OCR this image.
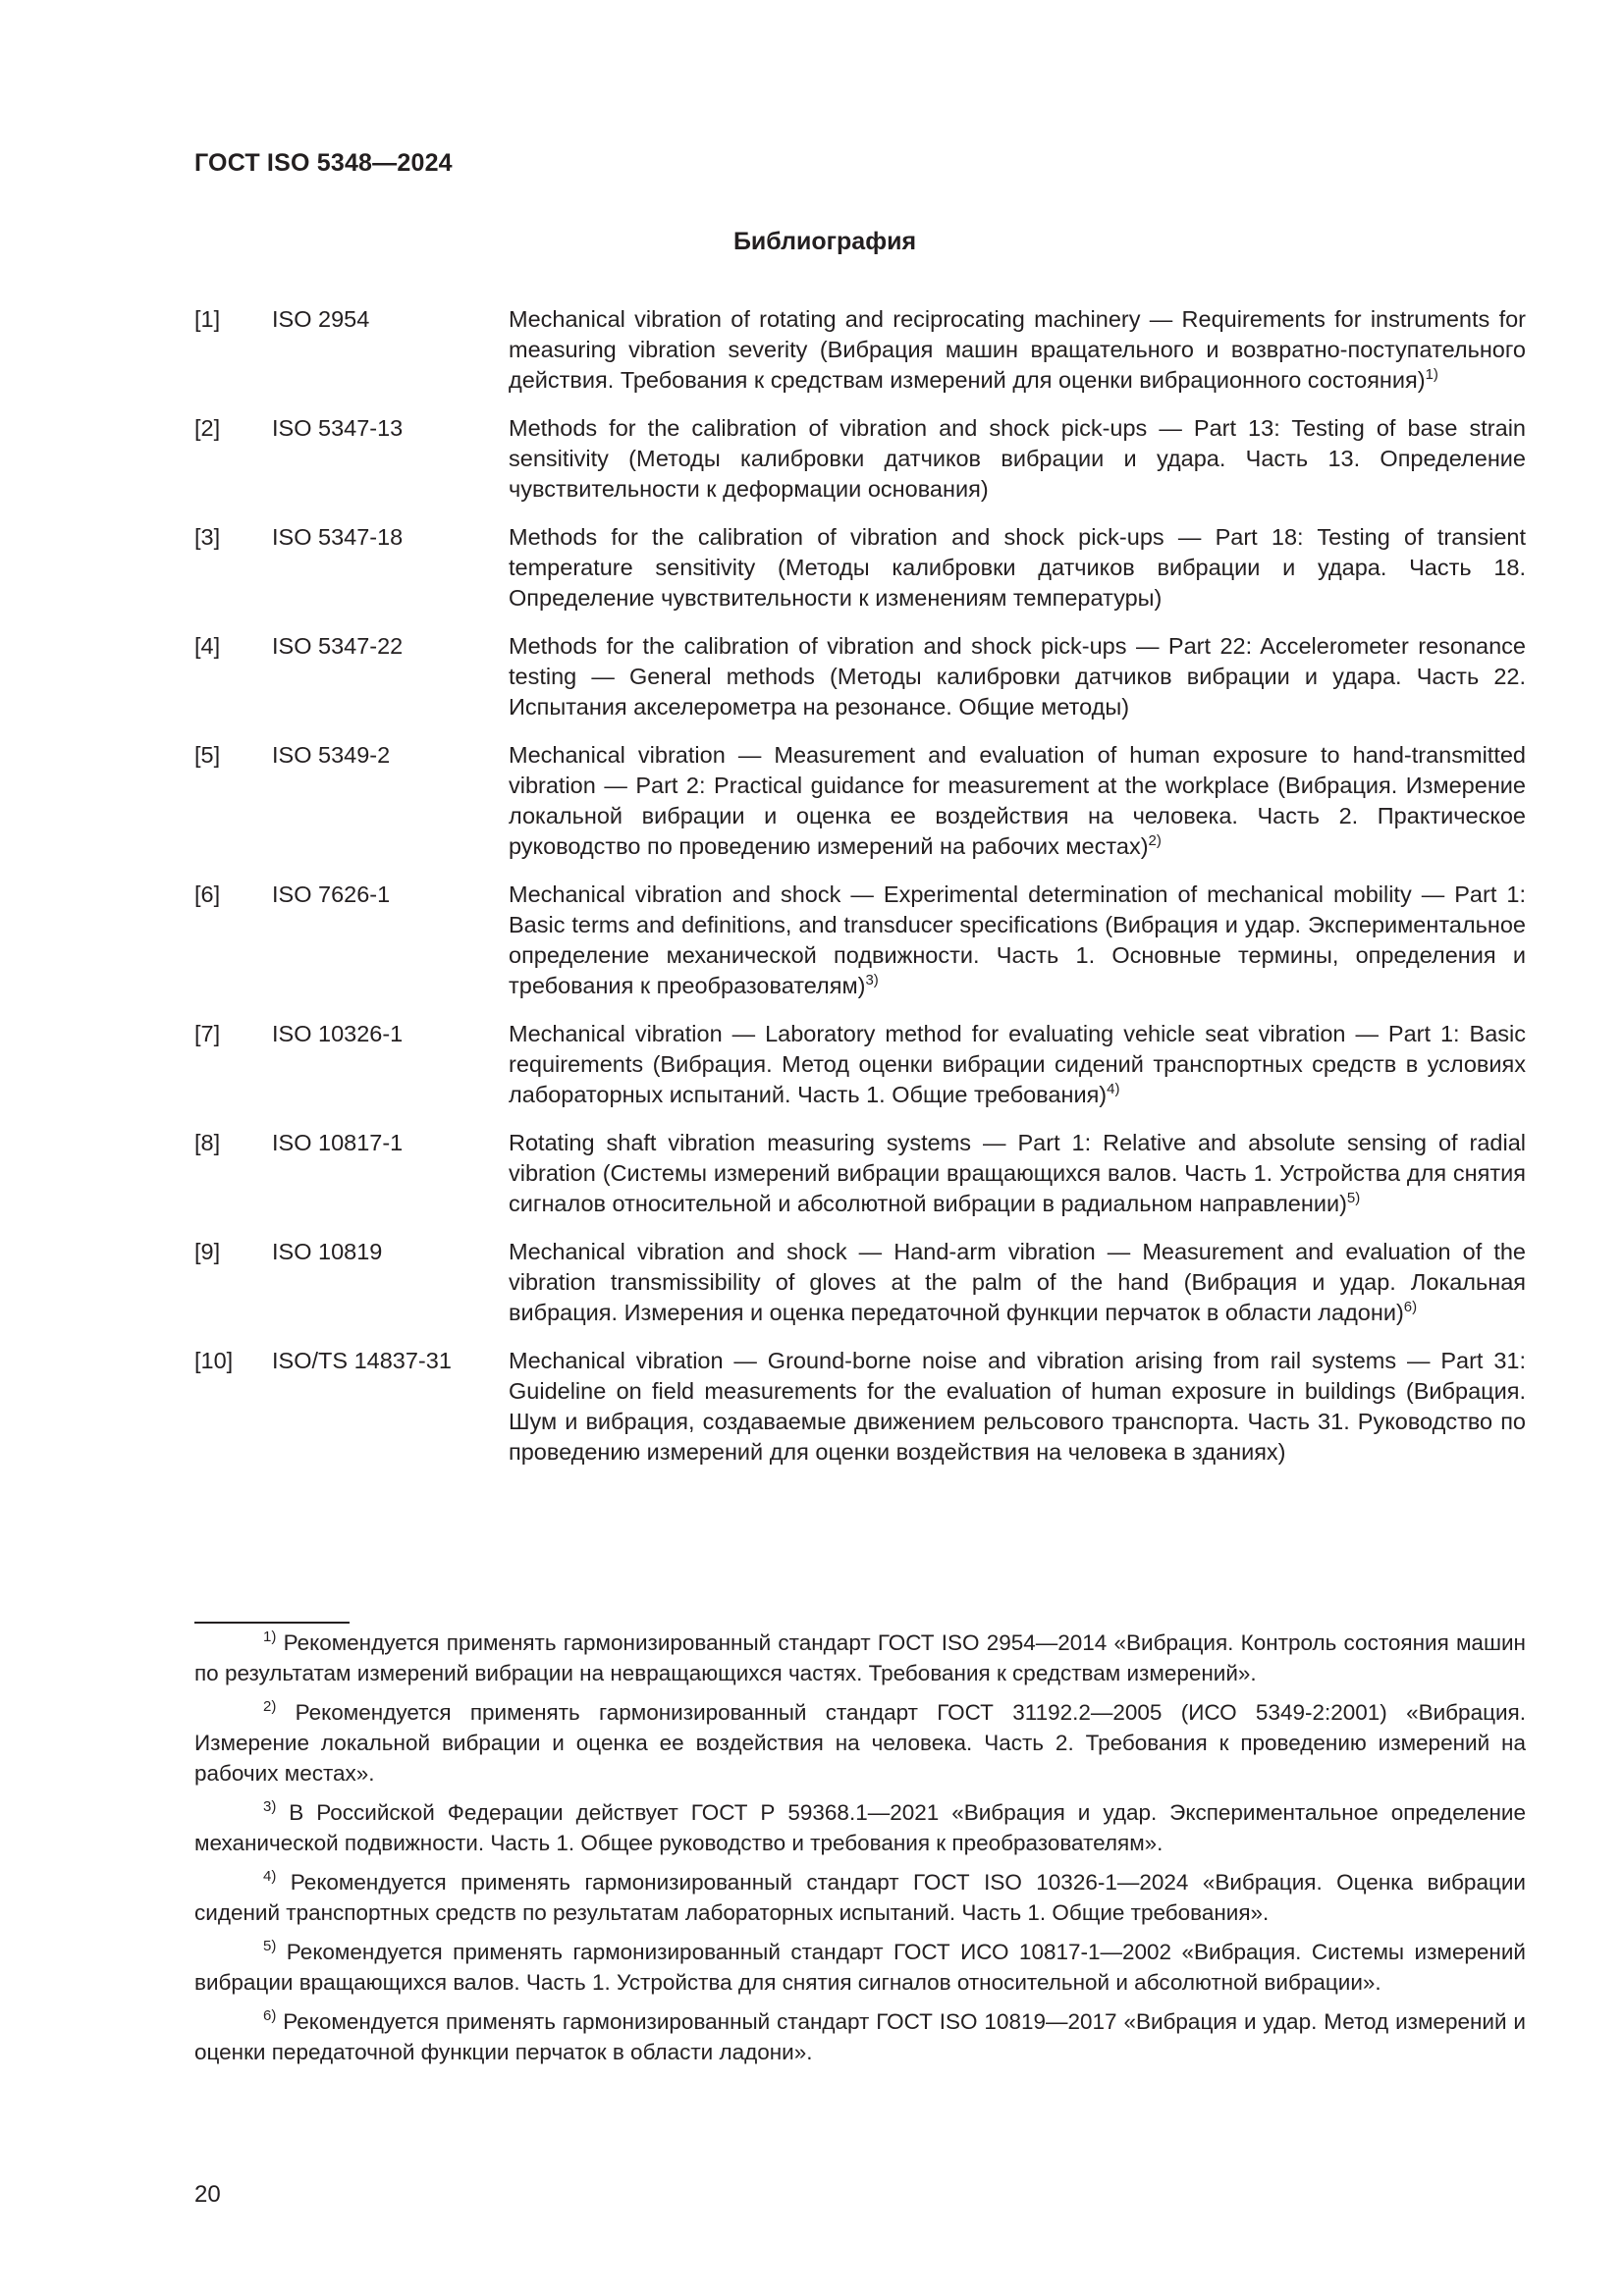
ГОСТ ISO 5348—2024
Библиография
[1] ISO 2954	Mechanical vibration of rotating and reciprocating machinery — Requirements for instruments for measuring vibration severity (Вибрация машин вращательного и возвратно-поступательного действия. Требования к средствам измерений для оценки вибрационного состояния)$^{1)}$
[2] ISO 5347-13	Methods for the calibration of vibration and shock pick-ups — Part 13: Testing of base strain sensitivity (Методы калибровки датчиков вибрации и удара. Часть 13. Определение чувствительности к деформации основания)
[3] ISO 5347-18	Methods for the calibration of vibration and shock pick-ups — Part 18: Testing of transient temperature sensitivity (Методы калибровки датчиков вибрации и удара. Часть 18. Определение чувствительности к изменениям температуры)
[4] ISO 5347-22	Methods for the calibration of vibration and shock pick-ups — Part 22: Accelerometer resonance testing — General methods (Методы калибровки датчиков вибрации и удара. Часть 22. Испытания акселерометра на резонансе. Общие методы)
[5] ISO 5349-2	Mechanical vibration — Measurement and evaluation of human exposure to hand-transmitted vibration — Part 2: Practical guidance for measurement at the workplace (Вибрация. Измерение локальной вибрации и оценка ее воздействия на человека. Часть 2. Практическое руководство по проведению измерений на рабочих местах)$^{2)}$
[6] ISO 7626-1	Mechanical vibration and shock — Experimental determination of mechanical mobility — Part 1: Basic terms and definitions, and transducer specifications (Вибрация и удар. Экспериментальное определение механической подвижности. Часть 1. Основные термины, определения и требования к преобразователям)$^{3)}$
[7] ISO 10326-1	Mechanical vibration — Laboratory method for evaluating vehicle seat vibration — Part 1: Basic requirements (Вибрация. Метод оценки вибрации сидений транспортных средств в условиях лабораторных испытаний. Часть 1. Общие требования)$^{4)}$
[8] ISO 10817-1	Rotating shaft vibration measuring systems — Part 1: Relative and absolute sensing of radial vibration (Системы измерений вибрации вращающихся валов. Часть 1. Устройства для снятия сигналов относительной и абсолютной вибрации в радиальном направлении)$^{5)}$
[9] ISO 10819	Mechanical vibration and shock — Hand-arm vibration — Measurement and evaluation of the vibration transmissibility of gloves at the palm of the hand (Вибрация и удар. Локальная вибрация. Измерения и оценка передаточной функции перчаток в области ладони)$^{6)}$
[10] ISO/TS 14837-31 Mechanical vibration — Ground-borne noise and vibration arising from rail systems — Part 31: Guideline on field measurements for the evaluation of human exposure in buildings (Вибрация. Шум и вибрация, создаваемые движением рельсового транспорта. Часть 31. Руководство по проведению измерений для оценки воздействия на человека в зданиях)
$^{1)}$ Рекомендуется применять гармонизированный стандарт ГОСТ ISO 2954—2014 «Вибрация. Контроль состояния машин по результатам измерений вибрации на невращающихся частях. Требования к средствам измерений».
$^{2)}$ Рекомендуется применять гармонизированный стандарт ГОСТ 31192.2—2005 (ИСО 5349-2:2001) «Вибрация. Измерение локальной вибрации и оценка ее воздействия на человека. Часть 2. Требования к проведению измерений на рабочих местах».
$^{3)}$ В Российской Федерации действует ГОСТ Р 59368.1—2021 «Вибрация и удар. Экспериментальное определение механической подвижности. Часть 1. Общее руководство и требования к преобразователям».
$^{4)}$ Рекомендуется применять гармонизированный стандарт ГОСТ ISO 10326-1—2024 «Вибрация. Оценка вибрации сидений транспортных средств по результатам лабораторных испытаний. Часть 1. Общие требования».
$^{5)}$ Рекомендуется применять гармонизированный стандарт ГОСТ ИСО 10817-1—2002 «Вибрация. Системы измерений вибрации вращающихся валов. Часть 1. Устройства для снятия сигналов относительной и абсолютной вибрации».
$^{6)}$ Рекомендуется применять гармонизированный стандарт ГОСТ ISO 10819—2017 «Вибрация и удар. Метод измерений и оценки передаточной функции перчаток в области ладони».
20
